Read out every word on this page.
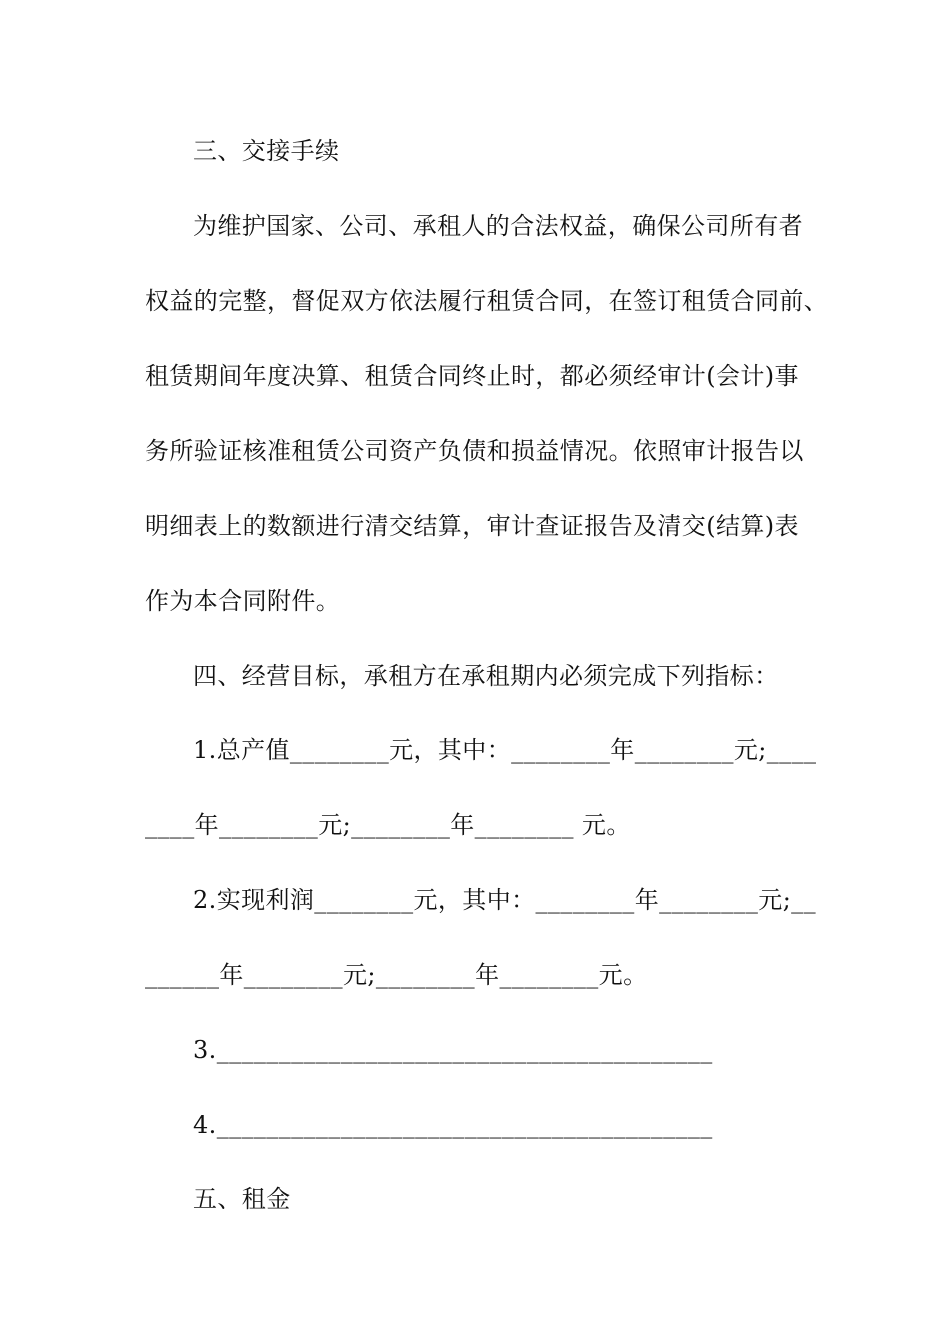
三、交接手续
为维护国家、公司、承租人的合法权益，确保公司所有者
权益的完整，督促双方依法履行租赁合同，在签订租赁合同前、
租赁期间年度决算、租赁合同终止时，都必须经审计(会计)事
务所验证核准租赁公司资产负债和损益情况。依照审计报告以
明细表上的数额进行清交结算，审计查证报告及清交(结算)表
作为本合同附件。
四、经营目标，承租方在承租期内必须完成下列指标：
1.总产值________元，其中：________年________元;____
____年________元;________年________ 元。
2.实现利润________元，其中：________年________元;__
______年________元;________年________元。
3.________________________________________
4.________________________________________
五、租金
